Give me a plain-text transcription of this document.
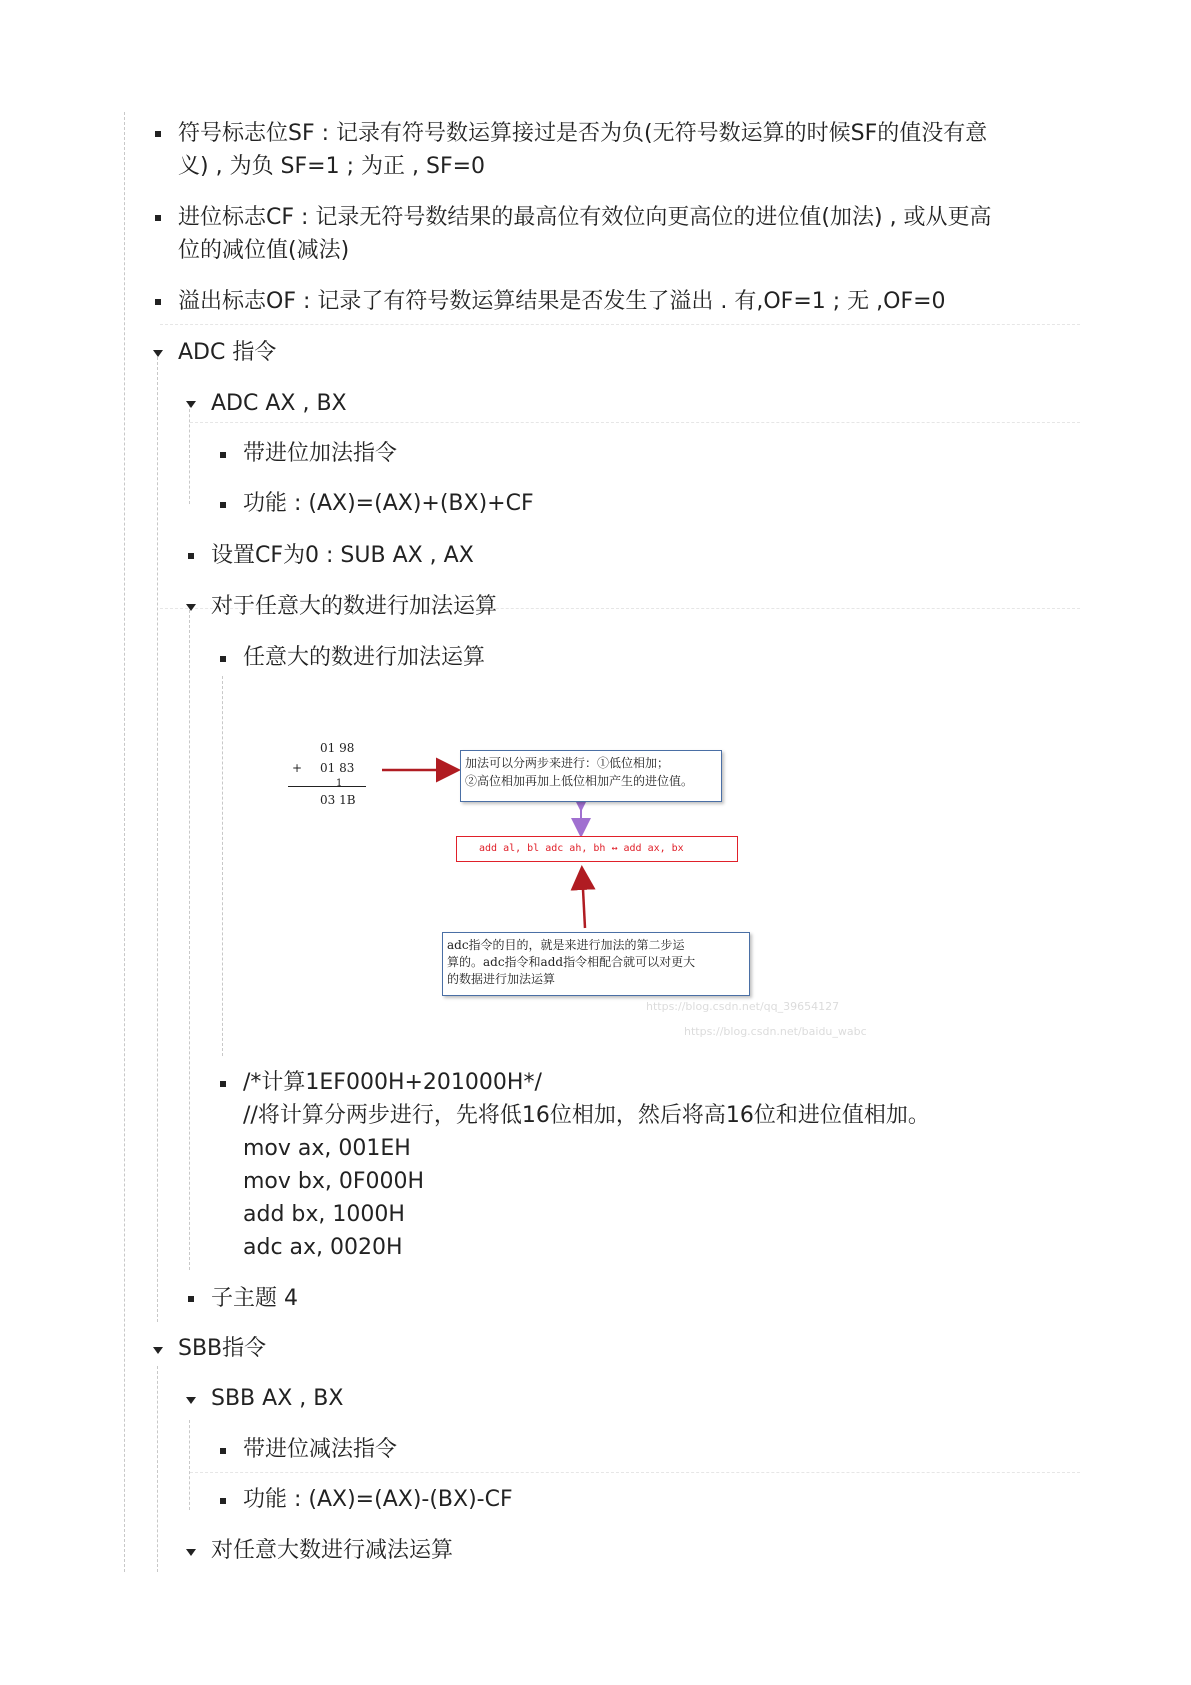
符号标志位SF : 记录有符号数运算接过是否为负(无符号数运算的时候SF的值没有意
义) , 为负 SF=1 ; 为正 , SF=0
进位标志CF : 记录无符号数结果的最高位有效位向更高位的进位值(加法) , 或从更高
位的减位值(减法)
溢出标志OF : 记录了有符号数运算结果是否发生了溢出 . 有,OF=1 ; 无 ,OF=0
ADC 指令
ADC AX , BX
带进位加法指令
功能 : (AX)=(AX)+(BX)+CF
设置CF为0 : SUB AX , AX
对于任意大的数进行加法运算
任意大的数进行加法运算
01 98
+ 01 83
1
03 1B
加法可以分两步来进行：①低位相加；
②高位相加再加上低位相加产生的进位值。
add al, bl adc ah, bh ↔ add ax, bx
adc指令的目的，就是来进行加法的第二步运
算的。adc指令和add指令相配合就可以对更大
的数据进行加法运算
https://blog.csdn.net/qq_39654127
https://blog.csdn.net/baidu_wabc
/*计算1EF000H+201000H*/
//将计算分两步进行，先将低16位相加，然后将高16位和进位值相加。
mov ax, 001EH
mov bx, 0F000H
add bx, 1000H
adc ax, 0020H
子主题 4
SBB指令
SBB AX , BX
带进位减法指令
功能 : (AX)=(AX)-(BX)-CF
对任意大数进行减法运算
